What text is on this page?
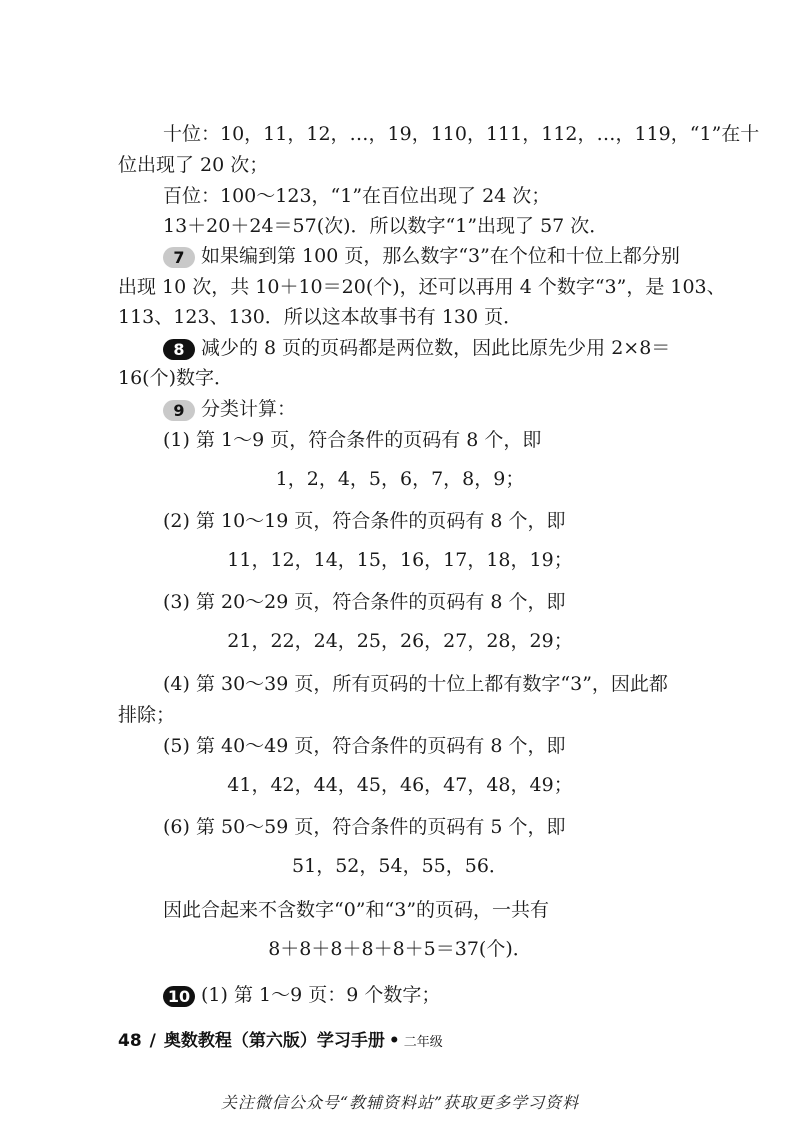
十位：10，11，12，…，19，110，111，112，…，119，“1”在十
位出现了 20 次；
百位：100～123，“1”在百位出现了 24 次；
13＋20＋24＝57(次)．所以数字“1”出现了 57 次．
7 如果编到第 100 页，那么数字“3”在个位和十位上都分别
出现 10 次，共 10＋10＝20(个)，还可以再用 4 个数字“3”，是 103、
113、123、130．所以这本故事书有 130 页．
8 减少的 8 页的页码都是两位数，因此比原先少用 2×8＝
16(个)数字．
9 分类计算：
(1) 第 1～9 页，符合条件的页码有 8 个，即
1，2，4，5，6，7，8，9；
(2) 第 10～19 页，符合条件的页码有 8 个，即
11，12，14，15，16，17，18，19；
(3) 第 20～29 页，符合条件的页码有 8 个，即
21，22，24，25，26，27，28，29；
(4) 第 30～39 页，所有页码的十位上都有数字“3”，因此都
排除；
(5) 第 40～49 页，符合条件的页码有 8 个，即
41，42，44，45，46，47，48，49；
(6) 第 50～59 页，符合条件的页码有 5 个，即
51，52，54，55，56．
因此合起来不含数字“0”和“3”的页码，一共有
8＋8＋8＋8＋8＋5＝37(个)．
10 (1) 第 1～9 页：9 个数字；
48 / 奥数教程（第六版）学习手册 • 二年级
关注微信公众号“教辅资料站”获取更多学习资料
